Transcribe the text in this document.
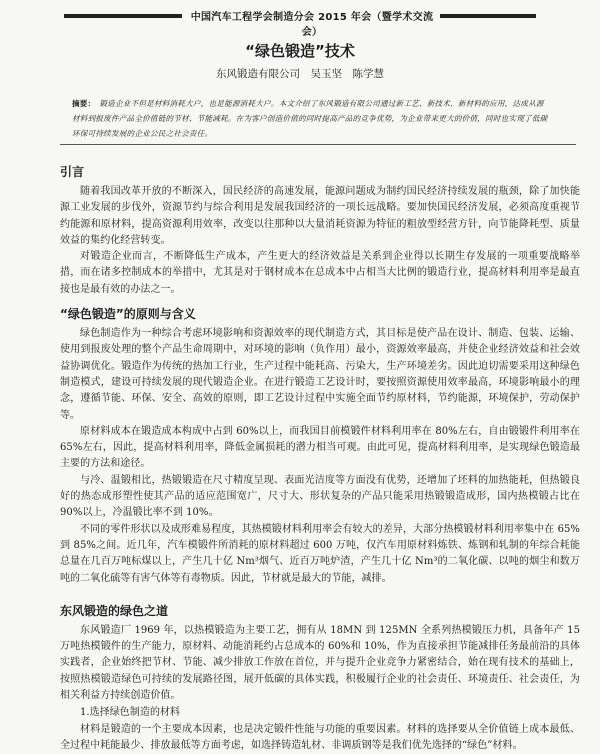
中国汽车工程学会制造分会 2015 年会（暨学术交流会）
“绿色锻造”技术
东风锻造有限公司　吴玉坚　陈学慧
摘要： 锻造企业不但是材料消耗大户，也是能源消耗大户。本文介绍了东风锻造有限公司通过新工艺、新技术、新材料的应用，达成从源材料到报废件产品全价值链的节材、节能减耗。在为客户创造价值的同时提高产品的竞争优势，为企业带来更大的价值，同时也实现了低碳环保可持续发展的企业公民之社会责任。
引言

随着我国改革开放的不断深入，国民经济的高速发展，能源问题成为制约国民经济持续发展的瓶颈，除了加快能源工业发展的步伐外，资源节约与综合利用是发展我国经济的一项长远战略。要加快国民经济发展，必须高度重视节约能源和原材料，提高资源利用效率，改变以往那种以大量消耗资源为特征的粗放型经营方针，向节能降耗型、质量效益的集约化经营转变。

对锻造企业而言，不断降低生产成本，产生更大的经济效益是关系到企业得以长期生存发展的一项重要战略举措，而在诸多控制成本的举措中，尤其是对于钢材成本在总成本中占相当大比例的锻造行业，提高材料利用率是最直接也是最有效的办法之一。

“绿色锻造”的原则与含义

绿色制造作为一种综合考虑环境影响和资源效率的现代制造方式，其目标是使产品在设计、制造、包装、运输、使用到报废处理的整个产品生命周期中，对环境的影响（负作用）最小，资源效率最高，并使企业经济效益和社会效益协调优化。锻造作为传统的热加工行业，生产过程中能耗高、污染大，生产环境差劣。因此迫切需要采用这种绿色制造模式，建设可持续发展的现代锻造企业。在进行锻造工艺设计时，要按照资源使用效率最高，环境影响最小的理念，遵循节能、环保、安全、高效的原则，即工艺设计过程中实施全面节约原材料，节约能源，环境保护，劳动保护等。

原材料成本在锻造成本构成中占到 60%以上，而我国目前模锻件材料利用率在 80%左右，自由锻锻件利用率在 65%左右，因此，提高材料利用率，降低金属损耗的潜力相当可观。由此可见，提高材料利用率，是实现绿色锻造最主要的方法和途径。

与冷、温锻相比，热锻锻造在尺寸精度呈现、表面光洁度等方面没有优势，还增加了坯料的加热能耗，但热锻良好的热态成形塑性使其产品的适应范围宽广，尺寸大、形状复杂的产品只能采用热锻锻造成形，国内热模锻占比在 90%以上，冷温锻比率不到 10%。

不同的零件形状以及成形难易程度，其热模锻材料利用率会有较大的差异，大部分热模锻材料利用率集中在 65%到 85%之间。近几年，汽车模锻件所消耗的原材料超过 600 万吨，仅汽车用原材料炼铁、炼钢和轧制的年综合耗能总量在几百万吨标煤以上，产生几十亿 Nm³烟气、近百万吨炉渣，产生几十亿 Nm³的二氧化碳、以吨的烟尘和数万吨的二氧化硫等有害气体等有毒物质。因此，节材就是最大的节能，减排。

东风锻造的绿色之道

东风锻造厂 1969 年，以热模锻造为主要工艺，拥有从 18MN 到 125MN 全系列热模锻压力机，具备年产 15 万吨热模锻件的生产能力，原材料、动能消耗约占总成本的 60%和 10%，作为直接承担节能减排任务最前沿的具体实践者，企业始终把节材、节能、减少排放工作放在首位，并与提升企业竞争力紧密结合，始在现有技术的基础上，按照热模锻造绿色可持续的发展路径图，展开低碳的具体实践，积极履行企业的社会责任、环境责任、社会责任，为相关利益方持续创造价值。

1.选择绿色制造的材料

材料是锻造的一个主要成本因素，也是决定锻件性能与功能的重要因素。材料的选择要从全价值链上成本最低、全过程中耗能最少、排放最低等方面考虑，如选择铸造轧材、非调质钢等是我们优先选择的“绿色”材料。
